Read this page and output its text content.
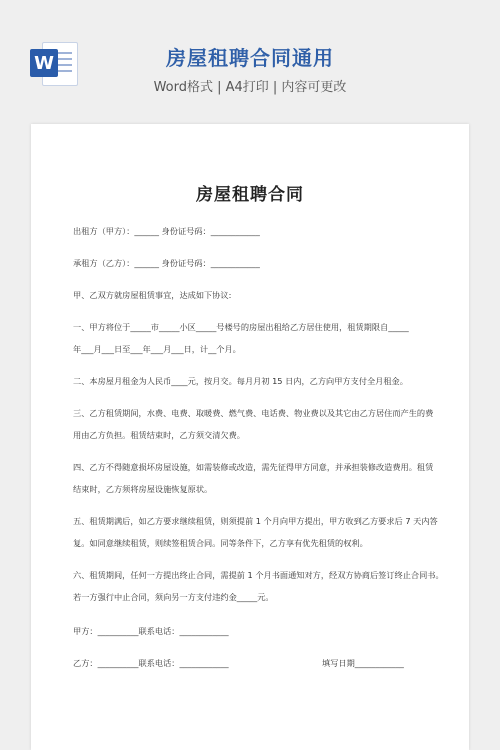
W	房屋租聘合同通用
Word格式 | A4打印 | 内容可更改
房屋租聘合同
出租方（甲方）：______ 身份证号码：____________
承租方（乙方）：______ 身份证号码：____________
甲、乙双方就房屋租赁事宜，达成如下协议:
一、甲方将位于_____市_____小区_____号楼号的房屋出租给乙方居住使用，租赁期限自_____
年___月___日至___年___月___日，计__个月。
二、本房屋月租金为人民币____元，按月交。每月月初 15 日内，乙方向甲方支付全月租金。
三、乙方租赁期间，水费、电费、取暖费、燃气费、电话费、物业费以及其它由乙方居住而产生的费
用由乙方负担。租赁结束时，乙方须交清欠费。
四、乙方不得随意损坏房屋设施，如需装修或改造，需先征得甲方同意，并承担装修改造费用。租赁
结束时，乙方须将房屋设施恢复原状。
五、租赁期满后，如乙方要求继续租赁，则须提前 1 个月向甲方提出，甲方收到乙方要求后 7 天内答
复。如同意继续租赁，则续签租赁合同。同等条件下，乙方享有优先租赁的权利。
六、租赁期间，任何一方提出终止合同，需提前 1 个月书面通知对方，经双方协商后签订终止合同书。
若一方强行中止合同，须向另一方支付违约金_____元。
甲方：__________联系电话：____________
乙方：__________联系电话：____________	填写日期____________
